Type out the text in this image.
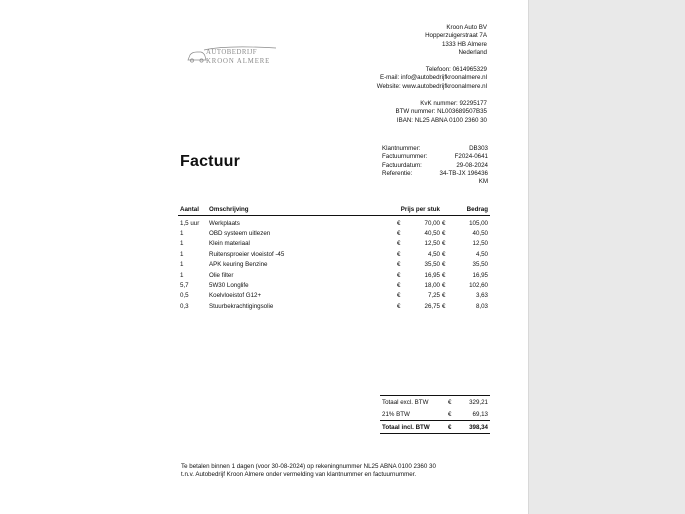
AUTOBEDRIJF
KROON ALMERE
Kroon Auto BV
Hopperzuigerstraat 7A
1333 HB Almere
Nederland
Telefoon: 0614965329
E-mail: info@autobedrijfkroonalmere.nl
Website: www.autobedrijfkroonalmere.nl
KvK nummer: 92295177
BTW nummer: NL003689507B35
IBAN: NL25 ABNA 0100 2360 30
Factuur
Klantnummer:	DB303
Factuurnummer:	F2024-0641
Factuurdatum:	29-08-2024
Referentie:	34-TB-JX 196436
KM
Aantal	Omschrijving	Prijs per stuk		Bedrag	
1,5 uur	Werkplaats	€	70,00	€	105,00
1	OBD systeem uitlezen	€	40,50	€	40,50
1	Klein materiaal	€	12,50	€	12,50
1	Ruitensproeier vloeistof -45	€	4,50	€	4,50
1	APK keuring Benzine	€	35,50	€	35,50
1	Olie filter	€	16,95	€	16,95
5,7	5W30 Longlife	€	18,00	€	102,60
0,5	Koelvloeistof G12+	€	7,25	€	3,63
0,3	Stuurbekrachtigingsolie	€	26,75	€	8,03
Totaal excl. BTW	€	329,21
21% BTW	€	69,13
Totaal incl. BTW	€	398,34
Te betalen binnen 1 dagen (voor 30-08-2024) op rekeningnummer NL25 ABNA 0100 2360 30
t.n.v. Autobedrijf Kroon Almere onder vermelding van klantnummer en factuurnummer.
